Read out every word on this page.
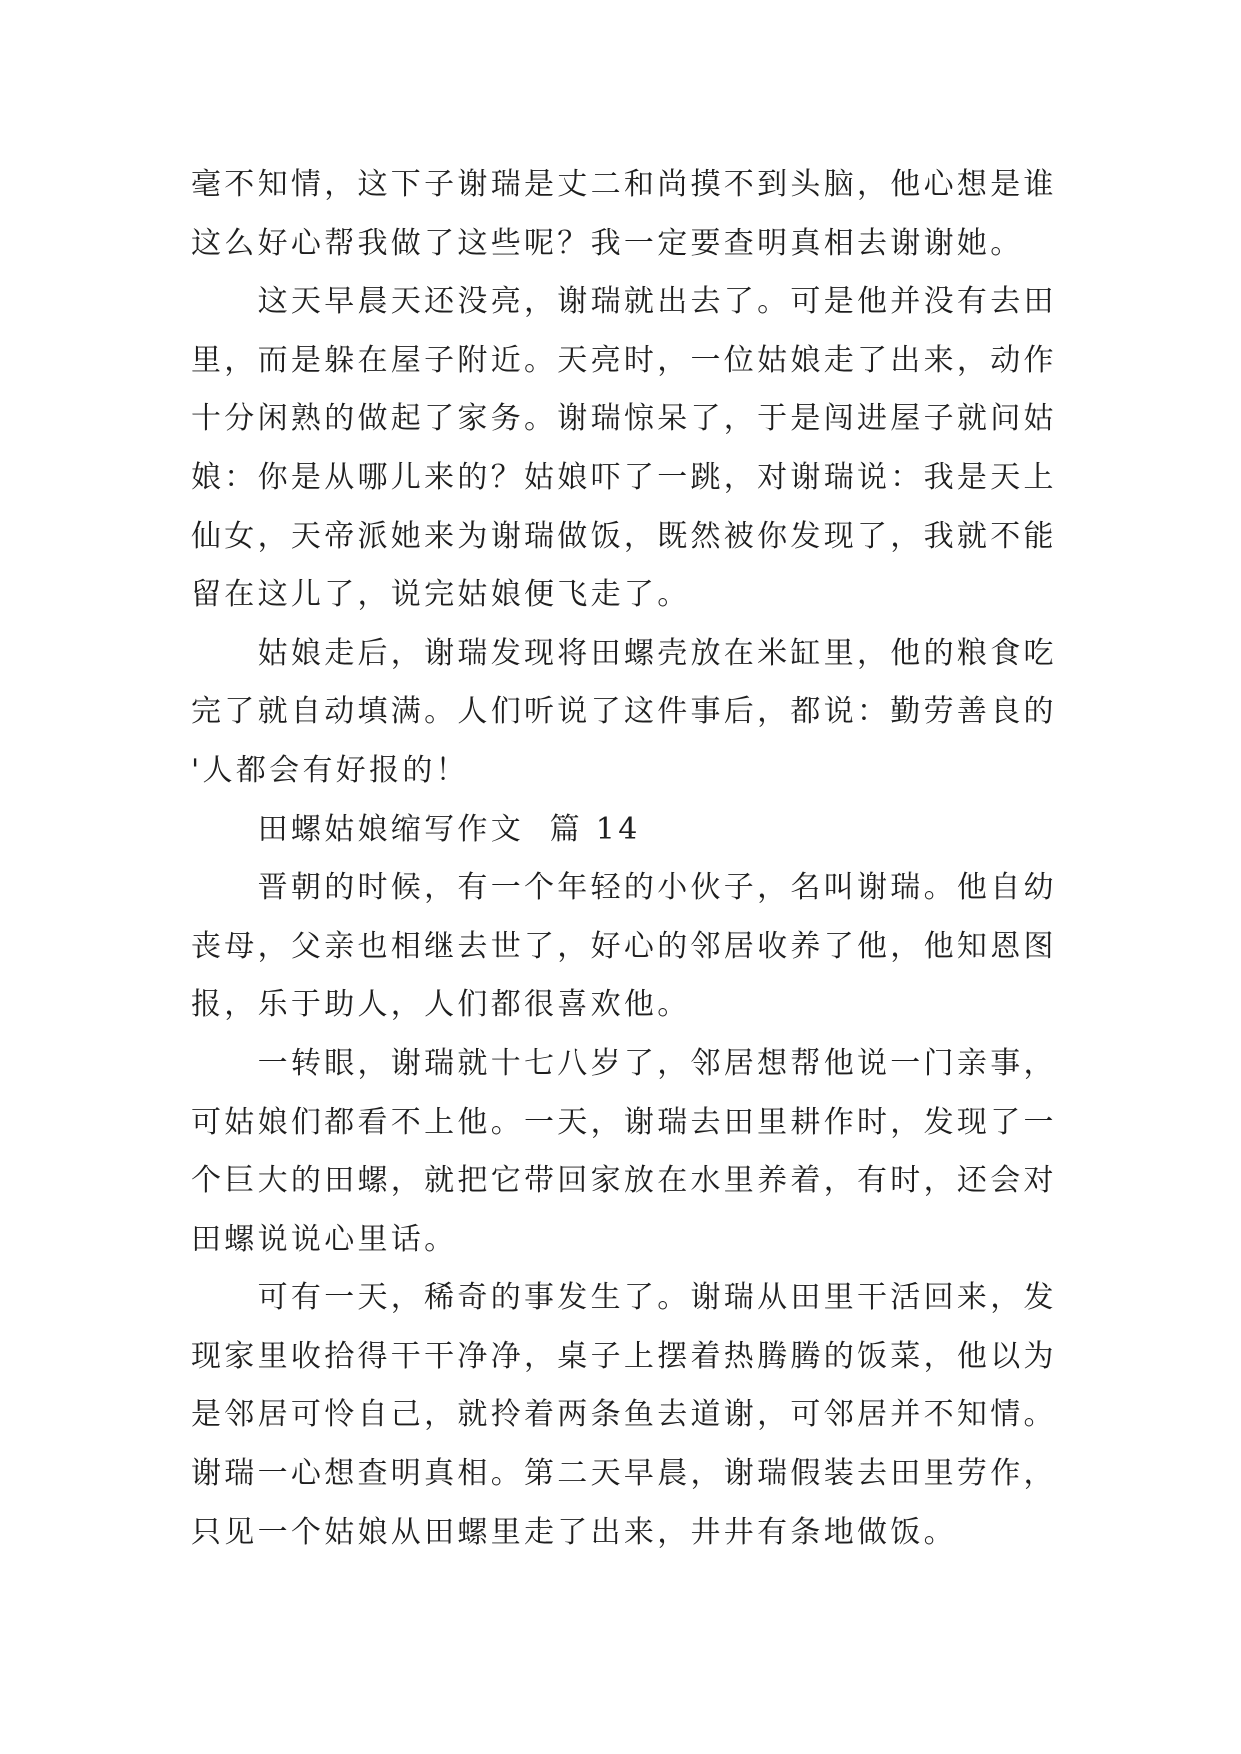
毫不知情，这下子谢瑞是丈二和尚摸不到头脑，他心想是谁
这么好心帮我做了这些呢？我一定要查明真相去谢谢她。
这天早晨天还没亮，谢瑞就出去了。可是他并没有去田
里，而是躲在屋子附近。天亮时，一位姑娘走了出来，动作
十分闲熟的做起了家务。谢瑞惊呆了，于是闯进屋子就问姑
娘：你是从哪儿来的？姑娘吓了一跳，对谢瑞说：我是天上
仙女，天帝派她来为谢瑞做饭，既然被你发现了，我就不能
留在这儿了，说完姑娘便飞走了。
姑娘走后，谢瑞发现将田螺壳放在米缸里，他的粮食吃
完了就自动填满。人们听说了这件事后，都说：勤劳善良的
'人都会有好报的！
田螺姑娘缩写作文  篇 14
晋朝的时候，有一个年轻的小伙子，名叫谢瑞。他自幼
丧母，父亲也相继去世了，好心的邻居收养了他，他知恩图
报，乐于助人，人们都很喜欢他。
一转眼，谢瑞就十七八岁了，邻居想帮他说一门亲事，
可姑娘们都看不上他。一天，谢瑞去田里耕作时，发现了一
个巨大的田螺，就把它带回家放在水里养着，有时，还会对
田螺说说心里话。
可有一天，稀奇的事发生了。谢瑞从田里干活回来，发
现家里收拾得干干净净，桌子上摆着热腾腾的饭菜，他以为
是邻居可怜自己，就拎着两条鱼去道谢，可邻居并不知情。
谢瑞一心想查明真相。第二天早晨，谢瑞假装去田里劳作，
只见一个姑娘从田螺里走了出来，井井有条地做饭。
